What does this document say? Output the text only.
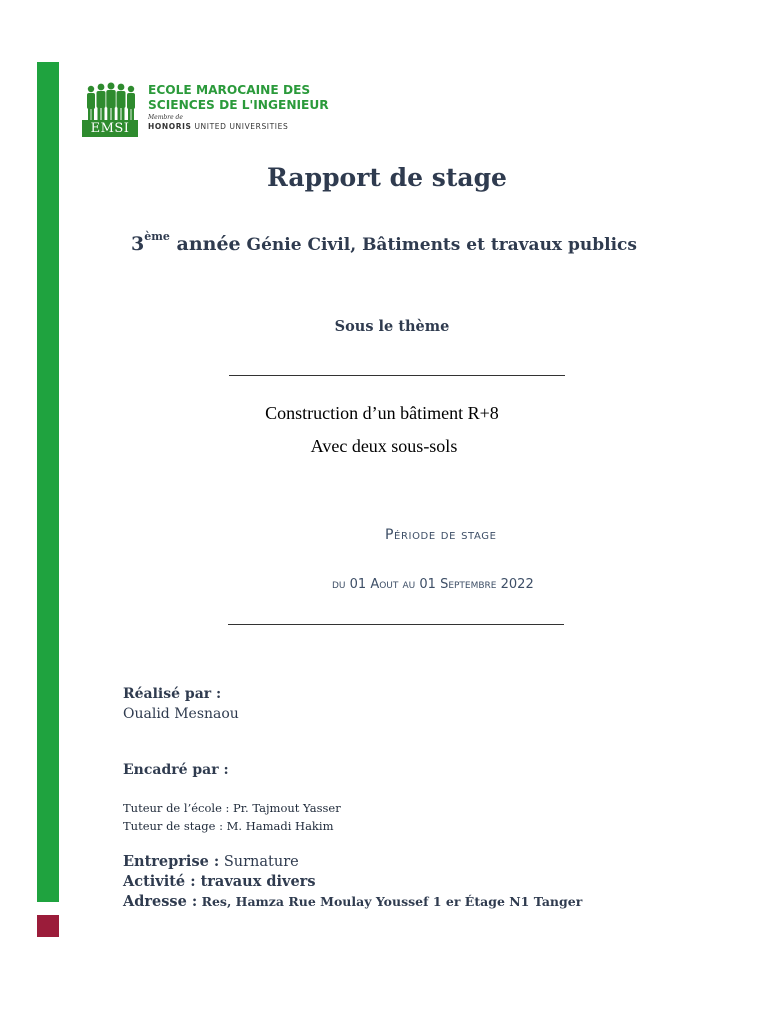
EMSI
ECOLE MAROCAINE DES
SCIENCES DE L'INGENIEUR
Membre de
HONORIS UNITED UNIVERSITIES
Rapport de stage
3ème année Génie Civil, Bâtiments et travaux publics
Sous le thème
Construction d’un bâtiment R+8
Avec deux sous-sols
Période de stage
du 01 Aout au 01 Septembre 2022
Réalisé par :
Oualid Mesnaou
Encadré par :
Tuteur de l’école : Pr. Tajmout Yasser
Tuteur de stage : M. Hamadi Hakim
Entreprise : Surnature
Activité : travaux divers
Adresse : Res, Hamza Rue Moulay Youssef 1 er Étage N1 Tanger
